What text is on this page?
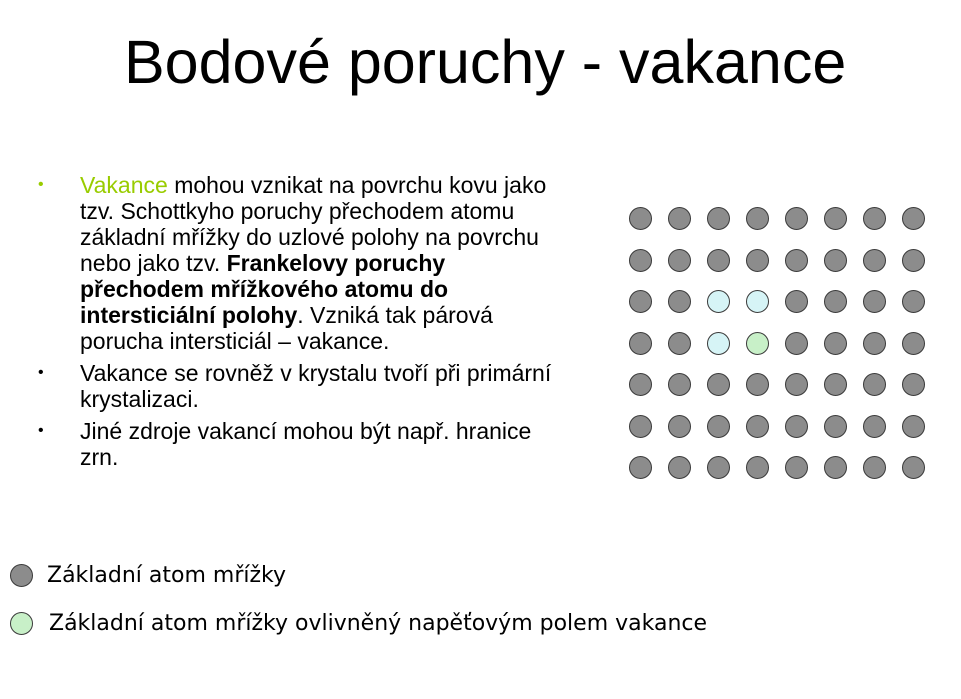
Bodové poruchy - vakance
•	Vakance mohou vznikat na povrchu kovu jako tzv. Schottkyho poruchy přechodem atomu základní mřížky do uzlové polohy na povrchu nebo jako tzv. Frankelovy poruchy přechodem mřížkového atomu do intersticiální polohy. Vzniká tak párová porucha intersticiál – vakance.
•	Vakance se rovněž v krystalu tvoří při primární krystalizaci.
•	Jiné zdroje vakancí mohou být např. hranice zrn.
Základní atom mřížky
Základní atom mřížky ovlivněný napěťovým polem vakance
